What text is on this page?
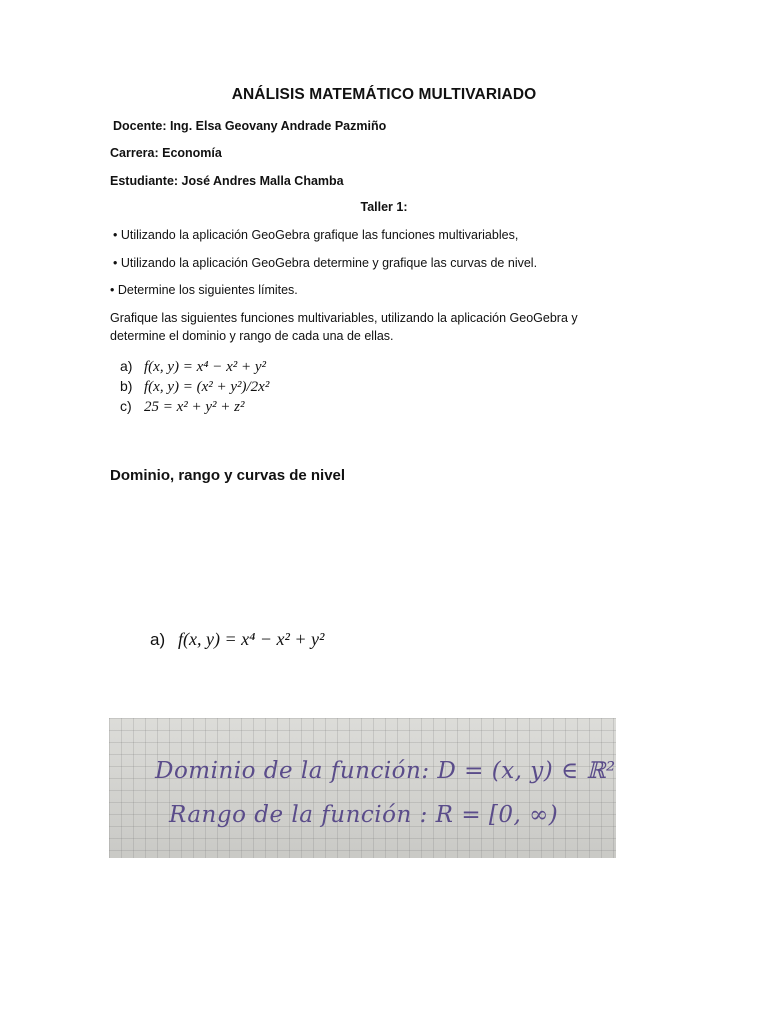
ANÁLISIS MATEMÁTICO MULTIVARIADO
Docente: Ing. Elsa Geovany Andrade Pazmiño
Carrera: Economía
Estudiante: José Andres Malla Chamba
Taller 1:
• Utilizando la aplicación GeoGebra grafique las funciones multivariables,
• Utilizando la aplicación GeoGebra determine y grafique las curvas de nivel.
• Determine los siguientes límites.
Grafique las siguientes funciones multivariables, utilizando la aplicación GeoGebra y determine el dominio y rango de cada una de ellas.
a) f(x, y) = x⁴ − x² + y²
b) f(x, y) = (x² + y²)/2x²
c) 25 = x² + y² + z²
Dominio, rango y curvas de nivel
a) f(x, y) = x⁴ − x² + y²
Dominio de la función: D = (x, y) ∈ ℝ²
Rango de la función : R = [0, ∞)
